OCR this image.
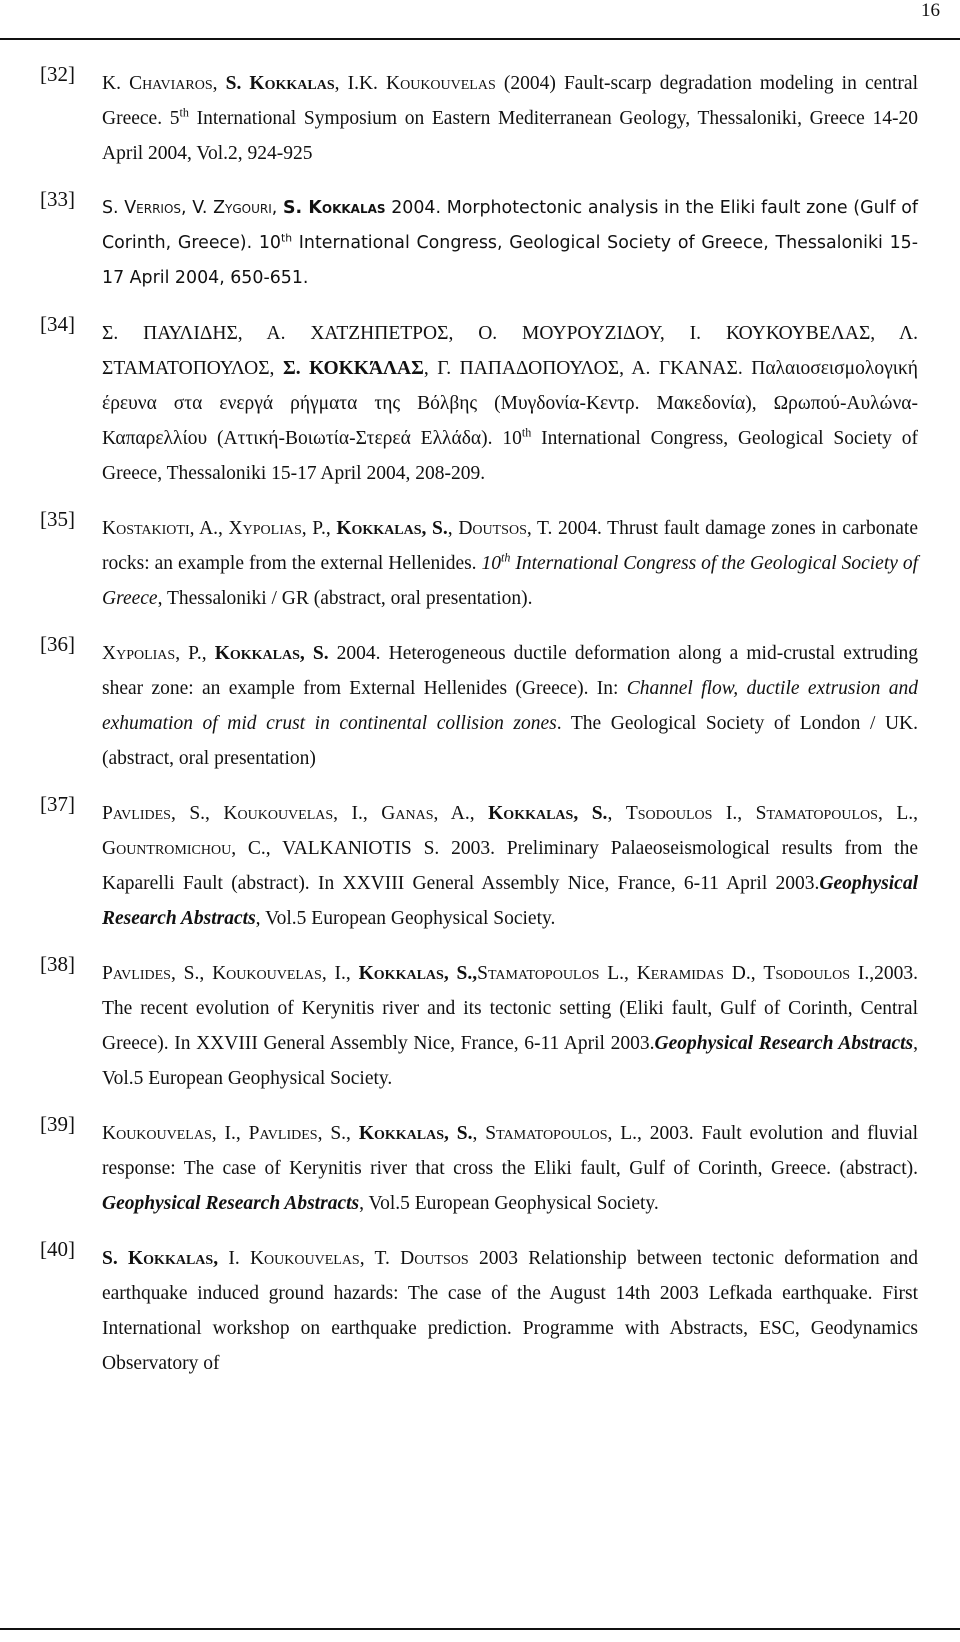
16
[32]	K. Chaviaros, S. Kokkalas, I.K. Koukouvelas (2004) Fault-scarp degradation modeling in central Greece. 5th International Symposium on Eastern Mediterranean Geology, Thessaloniki, Greece 14-20 April 2004, Vol.2, 924-925
[33]	S. Verrios, V. Zygouri, S. Kokkalas 2004. Morphotectonic analysis in the Eliki fault zone (Gulf of Corinth, Greece). 10th International Congress, Geological Society of Greece, Thessaloniki 15-17 April 2004, 650-651.
[34]	Σ. ΠΑΥΛΙΔΗΣ, Α. ΧΑΤΖΗΠΕΤΡΟΣ, Ο. ΜΟΥΡΟΥΖΙΔΟΥ, Ι. ΚΟΥΚΟΥΒΕΛΑΣ, Λ. ΣΤΑΜΑΤΟΠΟΥΛΟΣ, Σ. ΚΟΚΚΆΛΑΣ, Γ. ΠΑΠΑΔΟΠΟΥΛΟΣ, Α. ΓΚΑΝΑΣ. Παλαιοσεισμολογική έρευνα στα ενεργά ρήγματα της Βόλβης (Μυγδονία-Κεντρ. Μακεδονία), Ωρωπού-Αυλώνα-Καπαρελλίου (Αττική-Βοιωτία-Στερεά Ελλάδα). 10th International Congress, Geological Society of Greece, Thessaloniki 15-17 April 2004, 208-209.
[35]	Kostakioti, A., Xypolias, P., Kokkalas, S., Doutsos, T. 2004. Thrust fault damage zones in carbonate rocks: an example from the external Hellenides. 10th International Congress of the Geological Society of Greece, Thessaloniki / GR (abstract, oral presentation).
[36]	Xypolias, P., Kokkalas, S. 2004. Heterogeneous ductile deformation along a mid-crustal extruding shear zone: an example from External Hellenides (Greece). In: Channel flow, ductile extrusion and exhumation of mid crust in continental collision zones. The Geological Society of London / UK. (abstract, oral presentation)
[37]	Pavlides, S., Koukouvelas, I., Ganas, A., Kokkalas, S., Tsodoulos I., Stamatopoulos, L., Gountromichou, C., VALKANIOTIS S. 2003. Preliminary Palaeoseismological results from the Kaparelli Fault (abstract). In XXVIII General Assembly Nice, France, 6-11 April 2003.Geophysical Research Abstracts, Vol.5 European Geophysical Society.
[38]	Pavlides, S., Koukouvelas, I., Kokkalas, S.,Stamatopoulos L., Keramidas D., Tsodoulos I.,2003. The recent evolution of Kerynitis river and its tectonic setting (Eliki fault, Gulf of Corinth, Central Greece). In XXVIII General Assembly Nice, France, 6-11 April 2003.Geophysical Research Abstracts, Vol.5 European Geophysical Society.
[39]	Koukouvelas, I., Pavlides, S., Kokkalas, S., Stamatopoulos, L., 2003. Fault evolution and fluvial response: The case of Kerynitis river that cross the Eliki fault, Gulf of Corinth, Greece. (abstract). Geophysical Research Abstracts, Vol.5 European Geophysical Society.
[40]	S. Kokkalas, I. Koukouvelas, T. Doutsos 2003 Relationship between tectonic deformation and earthquake induced ground hazards: The case of the August 14th 2003 Lefkada earthquake. First International workshop on earthquake prediction. Programme with Abstracts, ESC, Geodynamics Observatory of
